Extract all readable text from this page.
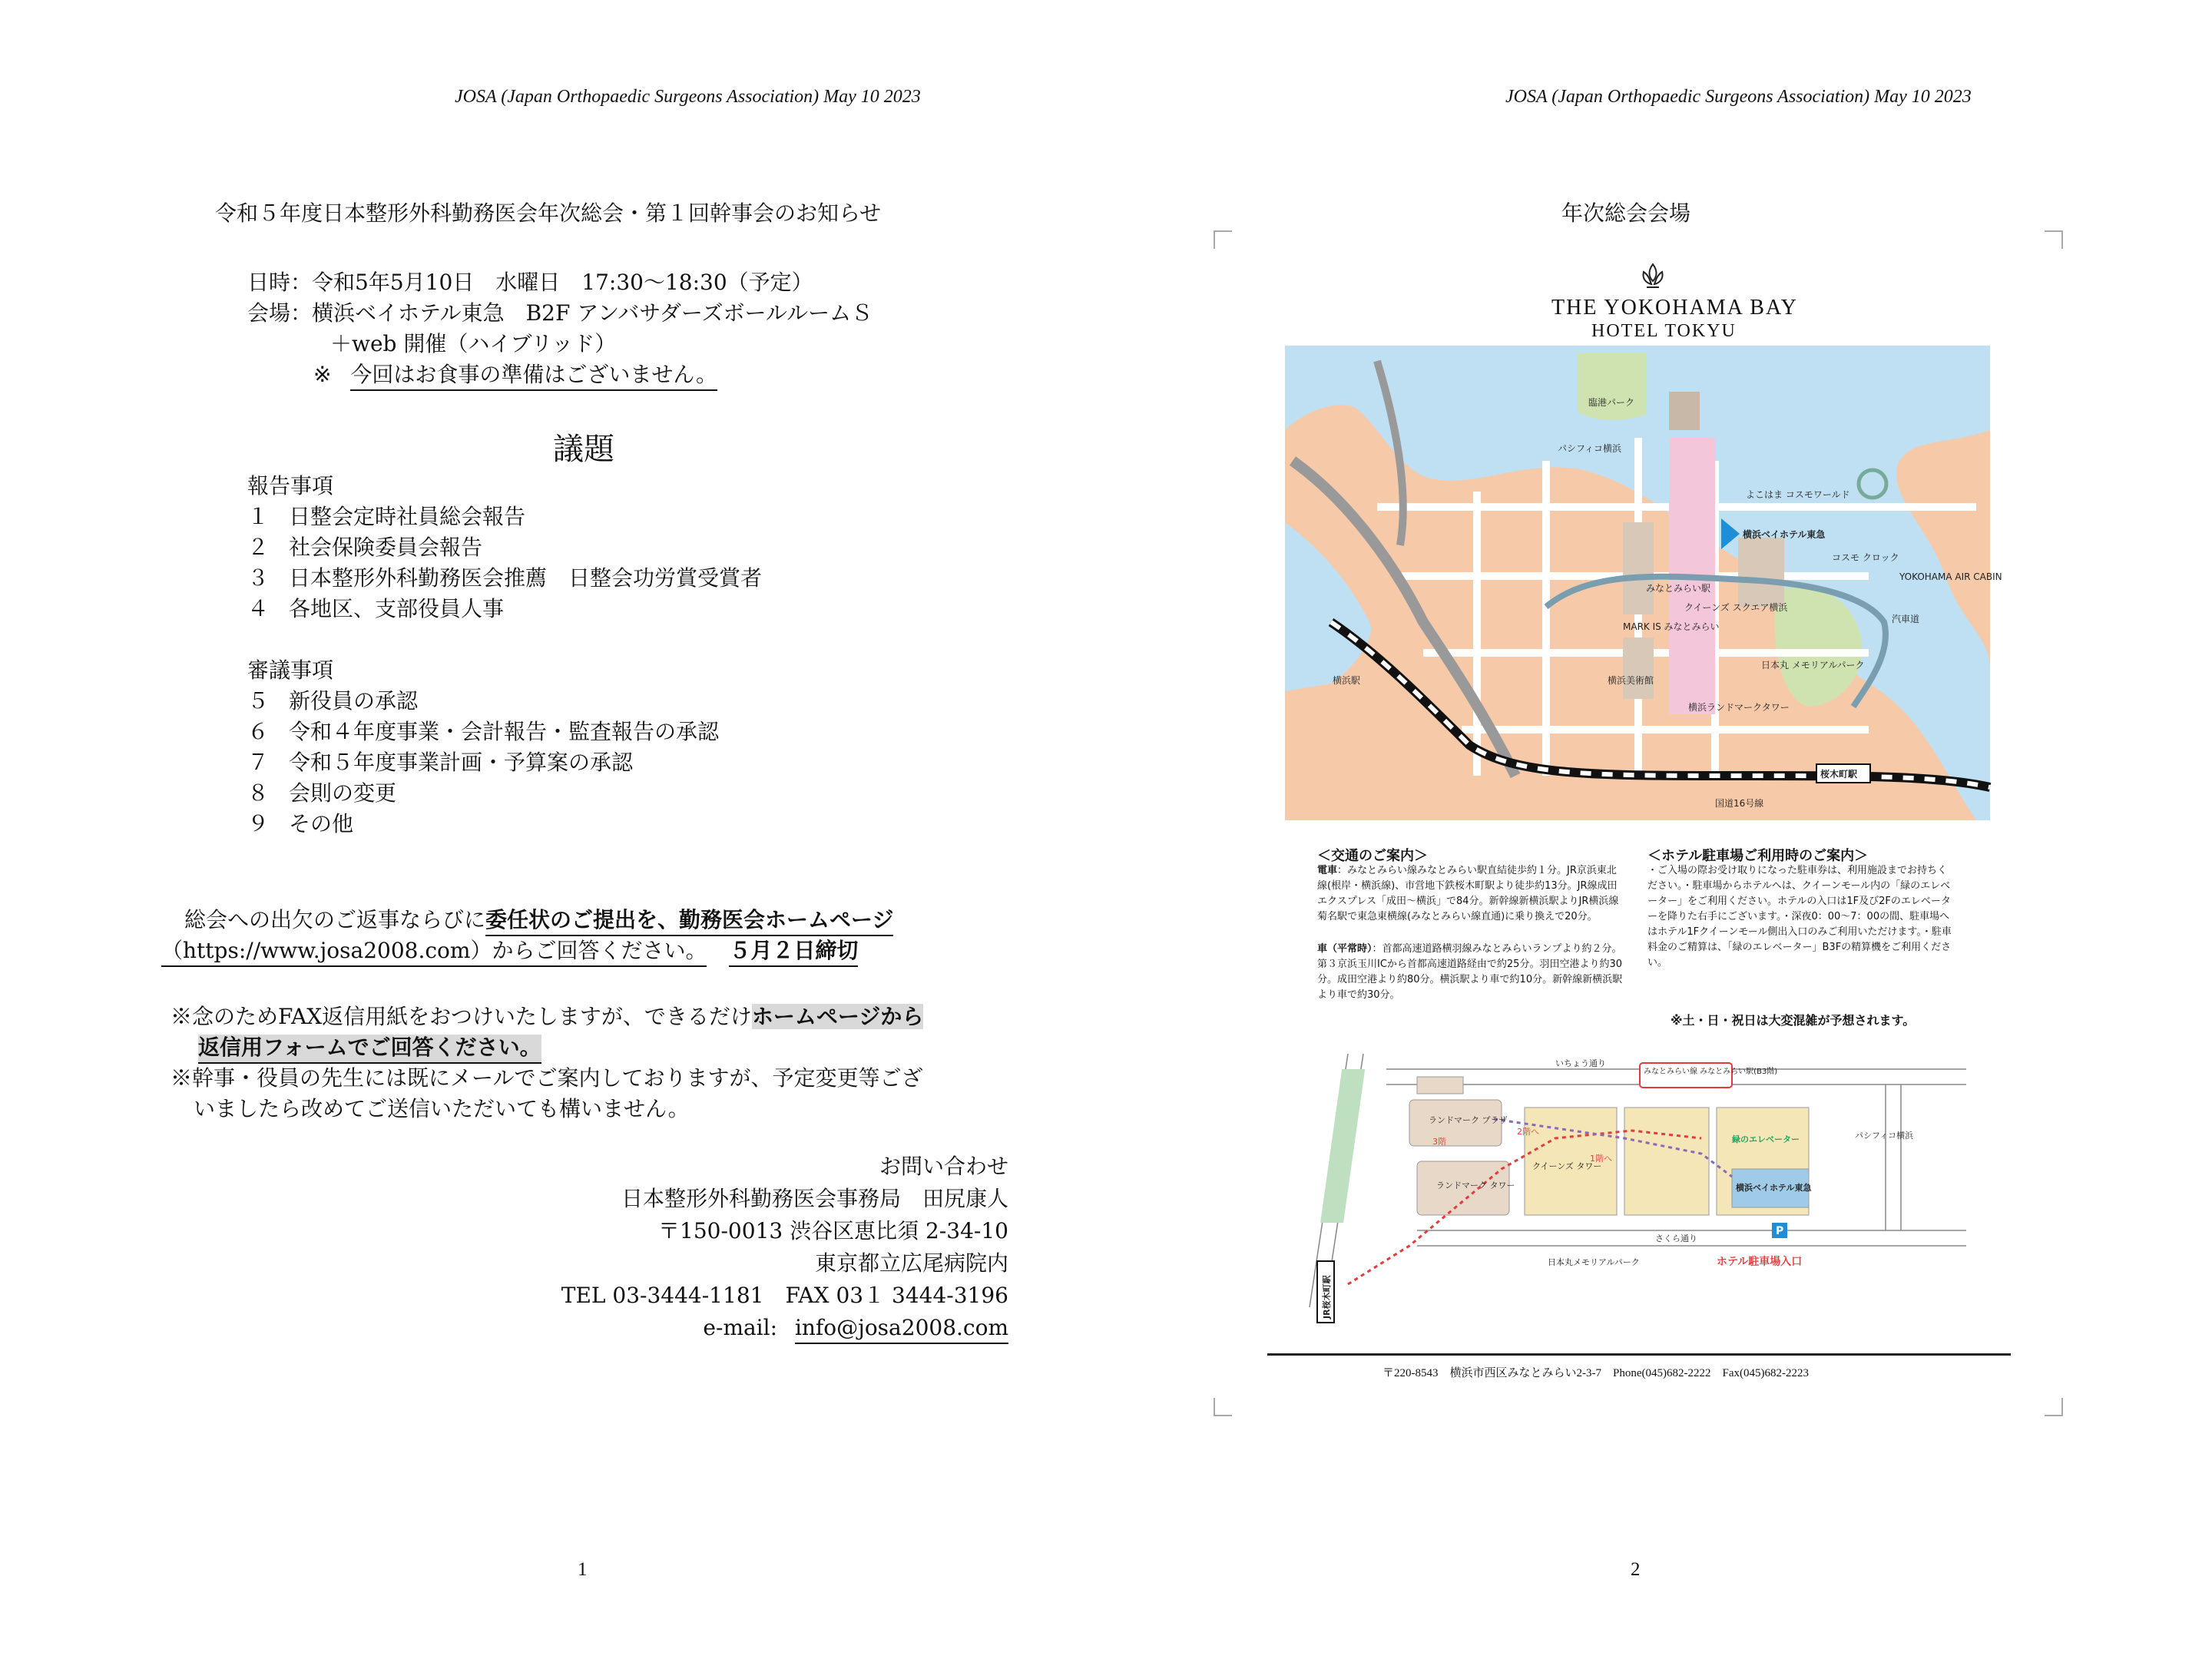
JOSA (Japan Orthopaedic Surgeons Association) May 10 2023
令和５年度日本整形外科勤務医会年次総会・第１回幹事会のお知らせ
日時：令和5年5月10日　水曜日　17:30〜18:30（予定）
会場：横浜ベイホテル東急　B2F アンバサダーズボールルームＳ
＋web 開催（ハイブリッド）
※ 今回はお食事の準備はございません。
議題
報告事項
１ 日整会定時社員総会報告
２ 社会保険委員会報告
３ 日本整形外科勤務医会推薦　日整会功労賞受賞者
４ 各地区、支部役員人事
審議事項
５ 新役員の承認
６ 令和４年度事業・会計報告・監査報告の承認
７ 令和５年度事業計画・予算案の承認
８ 会則の変更
９ その他
総会への出欠のご返事ならびに委任状のご提出を、勤務医会ホームページ
（https://www.josa2008.com）からご回答ください。 ５月２日締切
※念のためFAX返信用紙をおつけいたしますが、できるだけホームページから
返信用フォームでご回答ください。
※幹事・役員の先生には既にメールでご案内しておりますが、予定変更等ござ
いましたら改めてご送信いただいても構いません。
お問い合わせ
日本整形外科勤務医会事務局　田尻康人
〒150-0013 渋谷区恵比須 2-34-10
東京都立広尾病院内
TEL 03-3444-1181　FAX 03１ 3444-3196
e-mail: info@josa2008.com
1
JOSA (Japan Orthopaedic Surgeons Association) May 10 2023
年次総会会場
THE YOKOHAMA BAY
HOTEL TOKYU
臨港パーク
パシフィコ横浜
よこはま コスモワールド
コスモ クロック
横浜ベイホテル東急
クイーンズ スクエア横浜
MARK IS みなとみらい
横浜ランドマークタワー
みなとみらい駅
横浜美術館
日本丸 メモリアルパーク
YOKOHAMA AIR CABIN
汽車道
横浜駅
桜木町駅
国道16号線
＜交通のご案内＞
電車：みなとみらい線みなとみらい駅直結徒歩約１分。JR京浜東北線(根岸・横浜線)、市営地下鉄桜木町駅より徒歩約13分。JR線成田エクスプレス「成田〜横浜」で84分。新幹線新横浜駅よりJR横浜線菊名駅で東急東横線(みなとみらい線直通)に乗り換えで20分。
車（平常時）：首都高速道路横羽線みなとみらいランプより約２分。第３京浜玉川ICから首都高速道路経由で約25分。羽田空港より約30分。成田空港より約80分。横浜駅より車で約10分。新幹線新横浜駅より車で約30分。
＜ホテル駐車場ご利用時のご案内＞
・ご入場の際お受け取りになった駐車券は、利用施設までお持ちください。・駐車場からホテルへは、クイーンモール内の「緑のエレベーター」をご利用ください。ホテルの入口は1F及び2Fのエレベーターを降りた右手にございます。・深夜0：00〜7：00の間、駐車場へはホテル1Fクイーンモール側出入口のみご利用いただけます。・駐車料金のご精算は、「緑のエレベーター」B3Fの精算機をご利用ください。
※土・日・祝日は大変混雑が予想されます。
みなとみらい線 みなとみらい駅(B3階)
ランドマーク プラザ
ランドマーク タワー
クイーンズ タワー
横浜ベイホテル東急
緑のエレベーター
ホテル駐車場入口
P
さくら通り
いちょう通り
日本丸メモリアルパーク
パシフィコ横浜
3階
2階へ
1階へ
JR桜木町駅
〒220-8543　横浜市西区みなとみらい2-3-7　Phone(045)682-2222　Fax(045)682-2223
2
